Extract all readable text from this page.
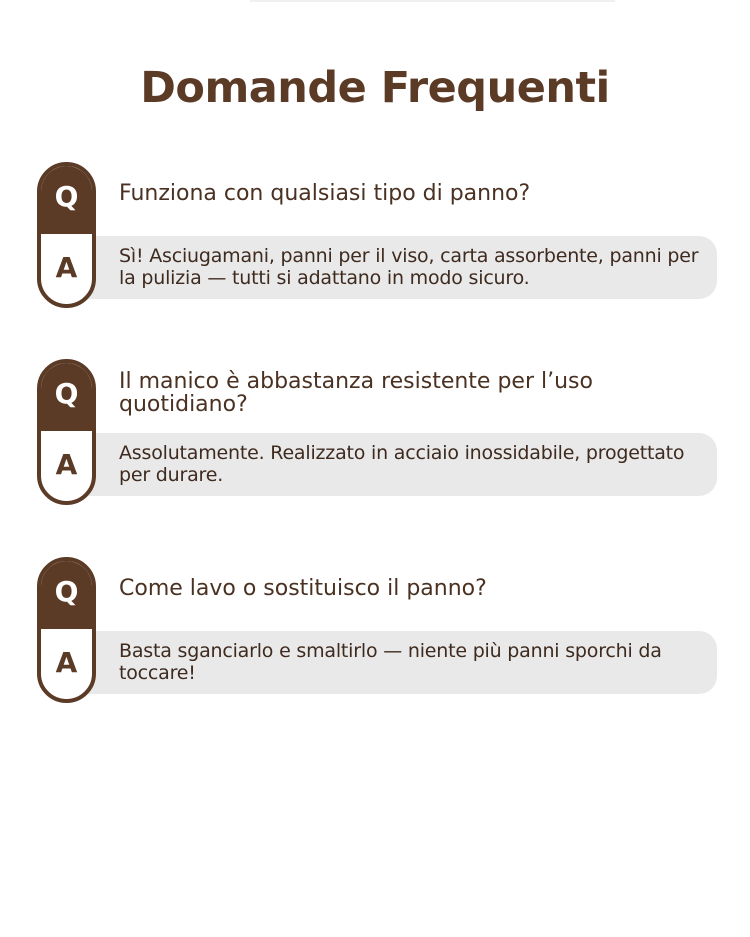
Domande Frequenti
Q
A

Funziona con qualsiasi tipo di panno?

Sì! Asciugamani, panni per il viso, carta assorbente, panni per la pulizia — tutti si adattano in modo sicuro.

Q
A

Il manico è abbastanza resistente per l’uso quotidiano?

Assolutamente. Realizzato in acciaio inossidabile, progettato per durare.

Q
A

Come lavo o sostituisco il panno?

Basta sganciarlo e smaltirlo — niente più panni sporchi da toccare!
